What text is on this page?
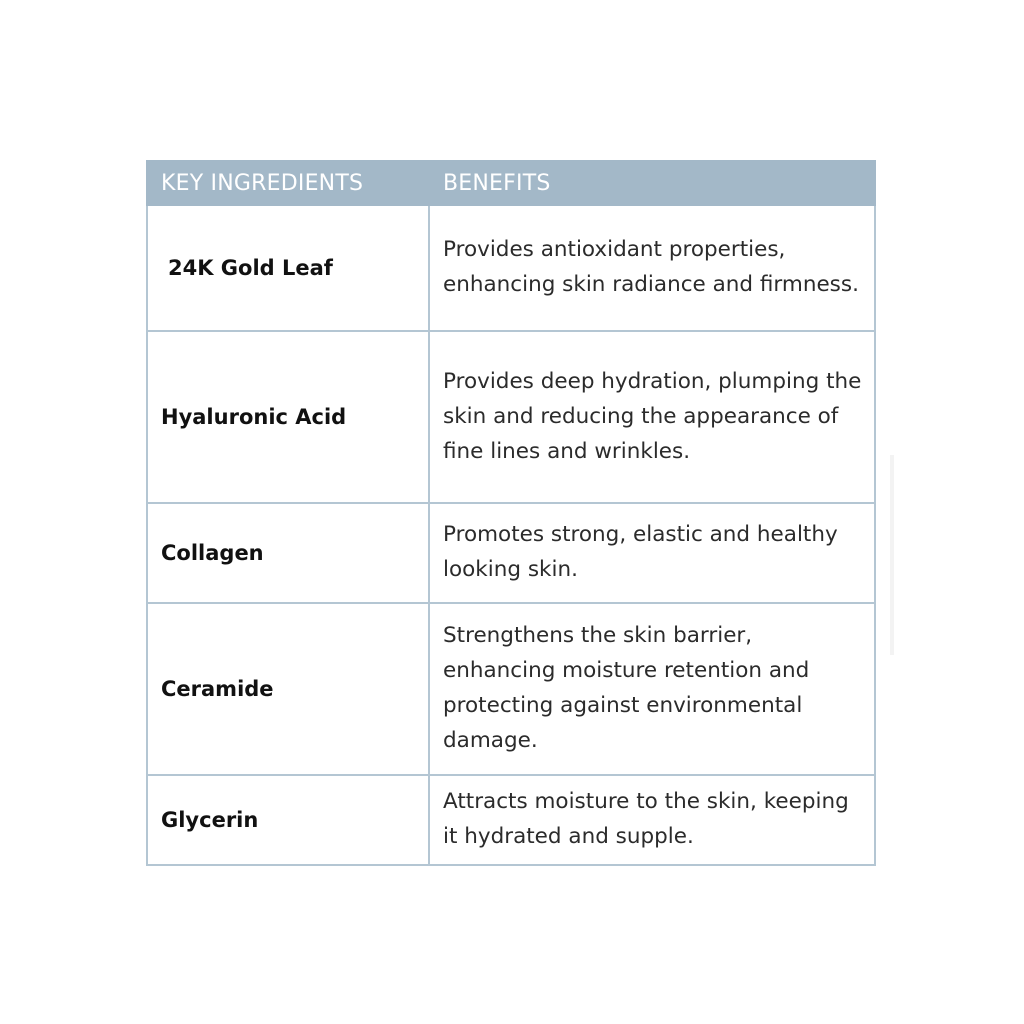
KEY INGREDIENTS	BENEFITS
24K Gold Leaf	Provides antioxidant properties, enhancing skin radiance and firmness.
Hyaluronic Acid	Provides deep hydration, plumping the skin and reducing the appearance of fine lines and wrinkles.
Collagen	Promotes strong, elastic and healthy looking skin.
Ceramide	Strengthens the skin barrier, enhancing moisture retention and protecting against environmental damage.
Glycerin	Attracts moisture to the skin, keeping it hydrated and supple.
